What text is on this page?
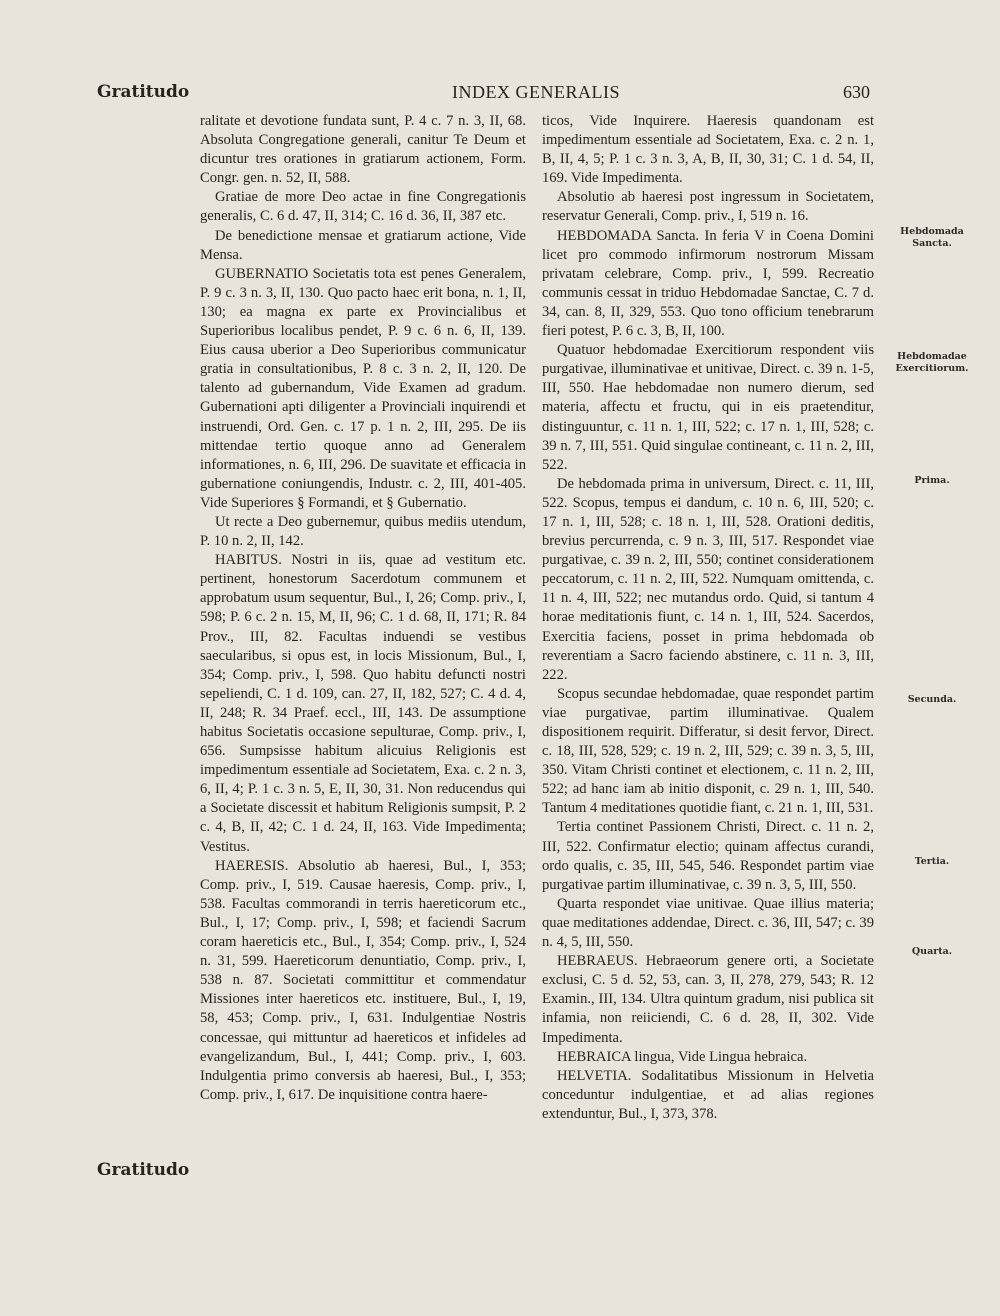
Gratitudo	INDEX GENERALIS	630

ralitate et devotione fundata sunt, P. 4 c. 7 n. 3, II, 68. Absoluta Congregatione generali, canitur Te Deum et dicuntur tres orationes in gratiarum actionem, Form. Congr. gen. n. 52, II, 588.

Gratiae de more Deo actae in fine Congregationis generalis, C. 6 d. 47, II, 314; C. 16 d. 36, II, 387 etc.

De benedictione mensae et gratiarum actione, Vide Mensa.

GUBERNATIO Societatis tota est penes Generalem, P. 9 c. 3 n. 3, II, 130. Quo pacto haec erit bona, n. 1, II, 130; ea magna ex parte ex Provincialibus et Superioribus localibus pendet, P. 9 c. 6 n. 6, II, 139. Eius causa uberior a Deo Superioribus communicatur gratia in consultationibus, P. 8 c. 3 n. 2, II, 120. De talento ad gubernandum, Vide Examen ad gradum. Gubernationi apti diligenter a Provinciali inquirendi et instruendi, Ord. Gen. c. 17 p. 1 n. 2, III, 295. De iis mittendae tertio quoque anno ad Generalem informationes, n. 6, III, 296. De suavitate et efficacia in gubernatione coniungendis, Industr. c. 2, III, 401-405. Vide Superiores § Formandi, et § Gubernatio.

Ut recte a Deo gubernemur, quibus mediis utendum, P. 10 n. 2, II, 142.

HABITUS. Nostri in iis, quae ad vestitum etc. pertinent, honestorum Sacerdotum communem et approbatum usum sequentur, Bul., I, 26; Comp. priv., I, 598; P. 6 c. 2 n. 15, M, II, 96; C. 1 d. 68, II, 171; R. 84 Prov., III, 82. Facultas induendi se vestibus saecularibus, si opus est, in locis Missionum, Bul., I, 354; Comp. priv., I, 598. Quo habitu defuncti nostri sepeliendi, C. 1 d. 109, can. 27, II, 182, 527; C. 4 d. 4, II, 248; R. 34 Praef. eccl., III, 143. De assumptione habitus Societatis occasione sepulturae, Comp. priv., I, 656. Sumpsisse habitum alicuius Religionis est impedimentum essentiale ad Societatem, Exa. c. 2 n. 3, 6, II, 4; P. 1 c. 3 n. 5, E, II, 30, 31. Non reducendus qui a Societate discessit et habitum Religionis sumpsit, P. 2 c. 4, B, II, 42; C. 1 d. 24, II, 163. Vide Impedimenta; Vestitus.

HAERESIS. Absolutio ab haeresi, Bul., I, 353; Comp. priv., I, 519. Causae haeresis, Comp. priv., I, 538. Facultas commorandi in terris haereticorum etc., Bul., I, 17; Comp. priv., I, 598; et faciendi Sacrum coram haereticis etc., Bul., I, 354; Comp. priv., I, 524 n. 31, 599. Haereticorum denuntiatio, Comp. priv., I, 538 n. 87. Societati committitur et commendatur Missiones inter haereticos etc. instituere, Bul., I, 19, 58, 453; Comp. priv., I, 631. Indulgentiae Nostris concessae, qui mittuntur ad haereticos et infideles ad evangelizandum, Bul., I, 441; Comp. priv., I, 603. Indulgentia primo conversis ab haeresi, Bul., I, 353; Comp. priv., I, 617. De inquisitione contra haere-

ticos, Vide Inquirere. Haeresis quandonam est impedimentum essentiale ad Societatem, Exa. c. 2 n. 1, B, II, 4, 5; P. 1 c. 3 n. 3, A, B, II, 30, 31; C. 1 d. 54, II, 169. Vide Impedimenta.

Absolutio ab haeresi post ingressum in Societatem, reservatur Generali, Comp. priv., I, 519 n. 16.

HEBDOMADA Sancta. In feria V in Coena Domini licet pro commodo infirmorum nostrorum Missam privatam celebrare, Comp. priv., I, 599. Recreatio communis cessat in triduo Hebdomadae Sanctae, C. 7 d. 34, can. 8, II, 329, 553. Quo tono officium tenebrarum fieri potest, P. 6 c. 3, B, II, 100.

Quatuor hebdomadae Exercitiorum respondent viis purgativae, illuminativae et unitivae, Direct. c. 39 n. 1-5, III, 550. Hae hebdomadae non numero dierum, sed materia, affectu et fructu, qui in eis praetenditur, distinguuntur, c. 11 n. 1, III, 522; c. 17 n. 1, III, 528; c. 39 n. 7, III, 551. Quid singulae contineant, c. 11 n. 2, III, 522.

De hebdomada prima in universum, Direct. c. 11, III, 522. Scopus, tempus ei dandum, c. 10 n. 6, III, 520; c. 17 n. 1, III, 528; c. 18 n. 1, III, 528. Orationi deditis, brevius percurrenda, c. 9 n. 3, III, 517. Respondet viae purgativae, c. 39 n. 2, III, 550; continet considerationem peccatorum, c. 11 n. 2, III, 522. Numquam omittenda, c. 11 n. 4, III, 522; nec mutandus ordo. Quid, si tantum 4 horae meditationis fiunt, c. 14 n. 1, III, 524. Sacerdos, Exercitia faciens, posset in prima hebdomada ob reverentiam a Sacro faciendo abstinere, c. 11 n. 3, III, 222.

Scopus secundae hebdomadae, quae respondet partim viae purgativae, partim illuminativae. Qualem dispositionem requirit. Differatur, si desit fervor, Direct. c. 18, III, 528, 529; c. 19 n. 2, III, 529; c. 39 n. 3, 5, III, 350. Vitam Christi continet et electionem, c. 11 n. 2, III, 522; ad hanc iam ab initio disponit, c. 29 n. 1, III, 540. Tantum 4 meditationes quotidie fiant, c. 21 n. 1, III, 531.

Tertia continet Passionem Christi, Direct. c. 11 n. 2, III, 522. Confirmatur electio; quinam affectus curandi, ordo qualis, c. 35, III, 545, 546. Respondet partim viae purgativae partim illuminativae, c. 39 n. 3, 5, III, 550.

Quarta respondet viae unitivae. Quae illius materia; quae meditationes addendae, Direct. c. 36, III, 547; c. 39 n. 4, 5, III, 550.

HEBRAEUS. Hebraeorum genere orti, a Societate exclusi, C. 5 d. 52, 53, can. 3, II, 278, 279, 543; R. 12 Examin., III, 134. Ultra quintum gradum, nisi publica sit infamia, non reiiciendi, C. 6 d. 28, II, 302. Vide Impedimenta.

HEBRAICA lingua, Vide Lingua hebraica.

HELVETIA. Sodalitatibus Missionum in Helvetia conceduntur indulgentiae, et ad alias regiones extenduntur, Bul., I, 373, 378.

Hebdomada Sancta.
Hebdomadae Exercitiorum.
Prima.
Secunda.
Tertia.
Quarta.
Gratitudo
